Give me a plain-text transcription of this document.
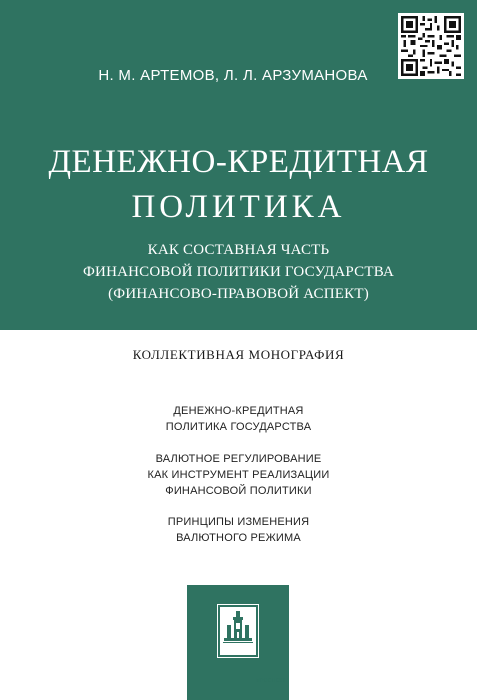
Н. М. АРТЕМОВ, Л. Л. АРЗУМАНОВА
ДЕНЕЖНО-КРЕДИТНАЯ
ПОЛИТИКА
КАК СОСТАВНАЯ ЧАСТЬ
ФИНАНСОВОЙ ПОЛИТИКИ ГОСУДАРСТВА
(ФИНАНСОВО-ПРАВОВОЙ АСПЕКТ)
КОЛЛЕКТИВНАЯ МОНОГРАФИЯ
ДЕНЕЖНО-КРЕДИТНАЯ
ПОЛИТИКА ГОСУДАРСТВА
ВАЛЮТНОЕ РЕГУЛИРОВАНИЕ
КАК ИНСТРУМЕНТ РЕАЛИЗАЦИИ
ФИНАНСОВОЙ ПОЛИТИКИ
ПРИНЦИПЫ ИЗМЕНЕНИЯ
ВАЛЮТНОГО РЕЖИМА
ПРОСПЕКТ
